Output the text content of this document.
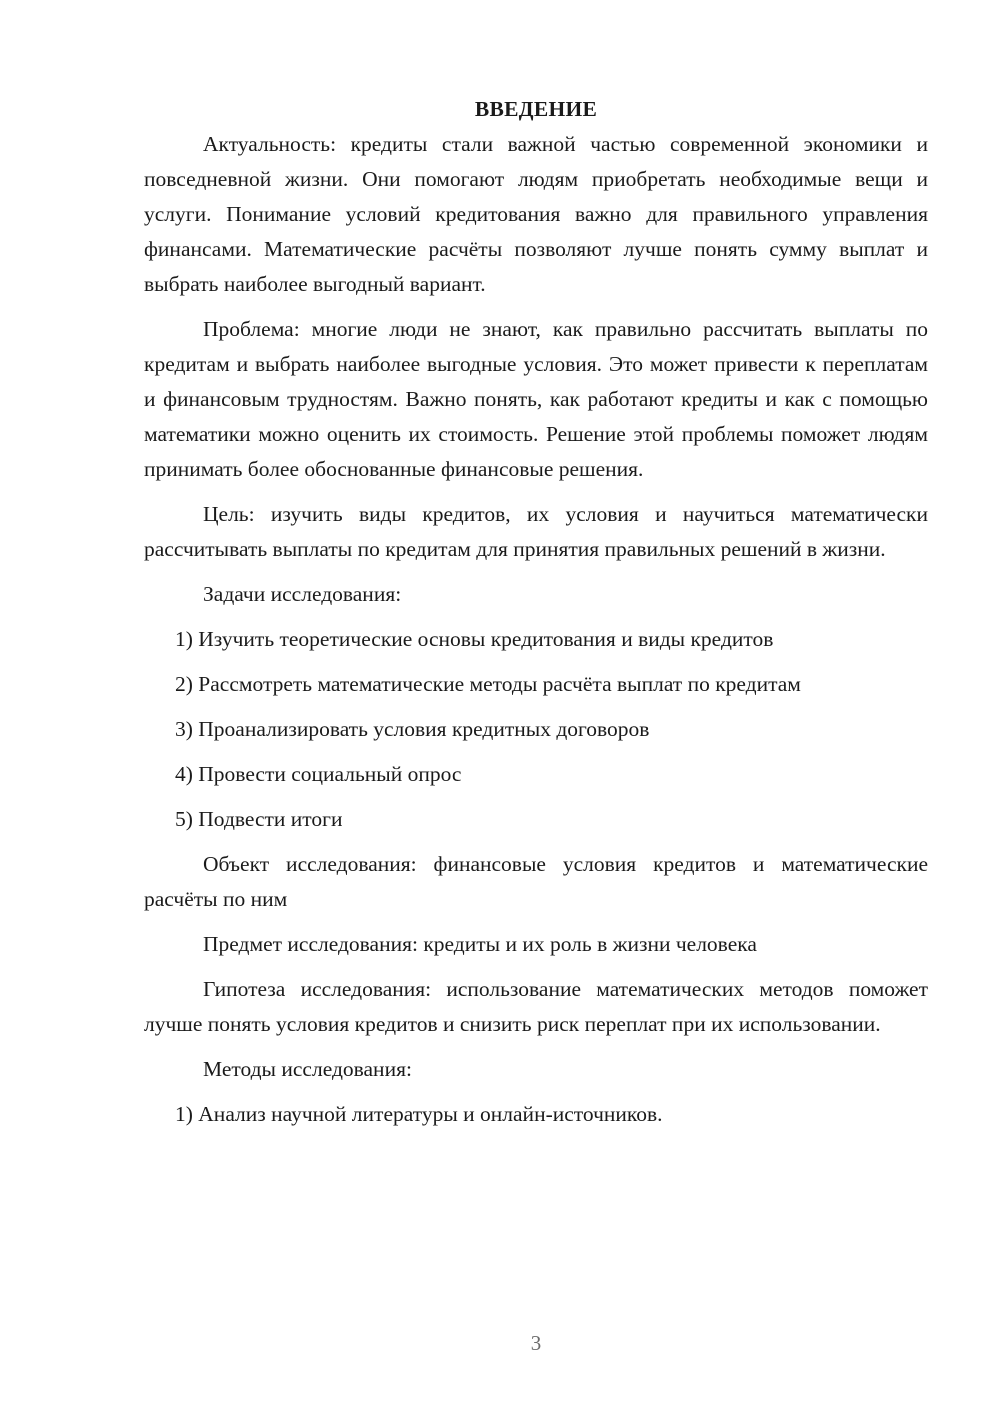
ВВЕДЕНИЕ

Актуальность: кредиты стали важной частью современной экономики и повседневной жизни. Они помогают людям приобретать необходимые вещи и услуги. Понимание условий кредитования важно для правильного управления финансами. Математические расчёты позволяют лучше понять сумму выплат и выбрать наиболее выгодный вариант.

Проблема: многие люди не знают, как правильно рассчитать выплаты по кредитам и выбрать наиболее выгодные условия. Это может привести к переплатам и финансовым трудностям. Важно понять, как работают кредиты и как с помощью математики можно оценить их стоимость. Решение этой проблемы поможет людям принимать более обоснованные финансовые решения.

Цель: изучить виды кредитов, их условия и научиться математически рассчитывать выплаты по кредитам для принятия правильных решений в жизни.

Задачи исследования:

1) Изучить теоретические основы кредитования и виды кредитов
2) Рассмотреть математические методы расчёта выплат по кредитам
3) Проанализировать условия кредитных договоров
4) Провести социальный опрос
5) Подвести итоги

Объект исследования: финансовые условия кредитов и математические расчёты по ним

Предмет исследования: кредиты и их роль в жизни человека

Гипотеза исследования: использование математических методов поможет лучше понять условия кредитов и снизить риск переплат при их использовании.

Методы исследования:

1) Анализ научной литературы и онлайн-источников.
3
